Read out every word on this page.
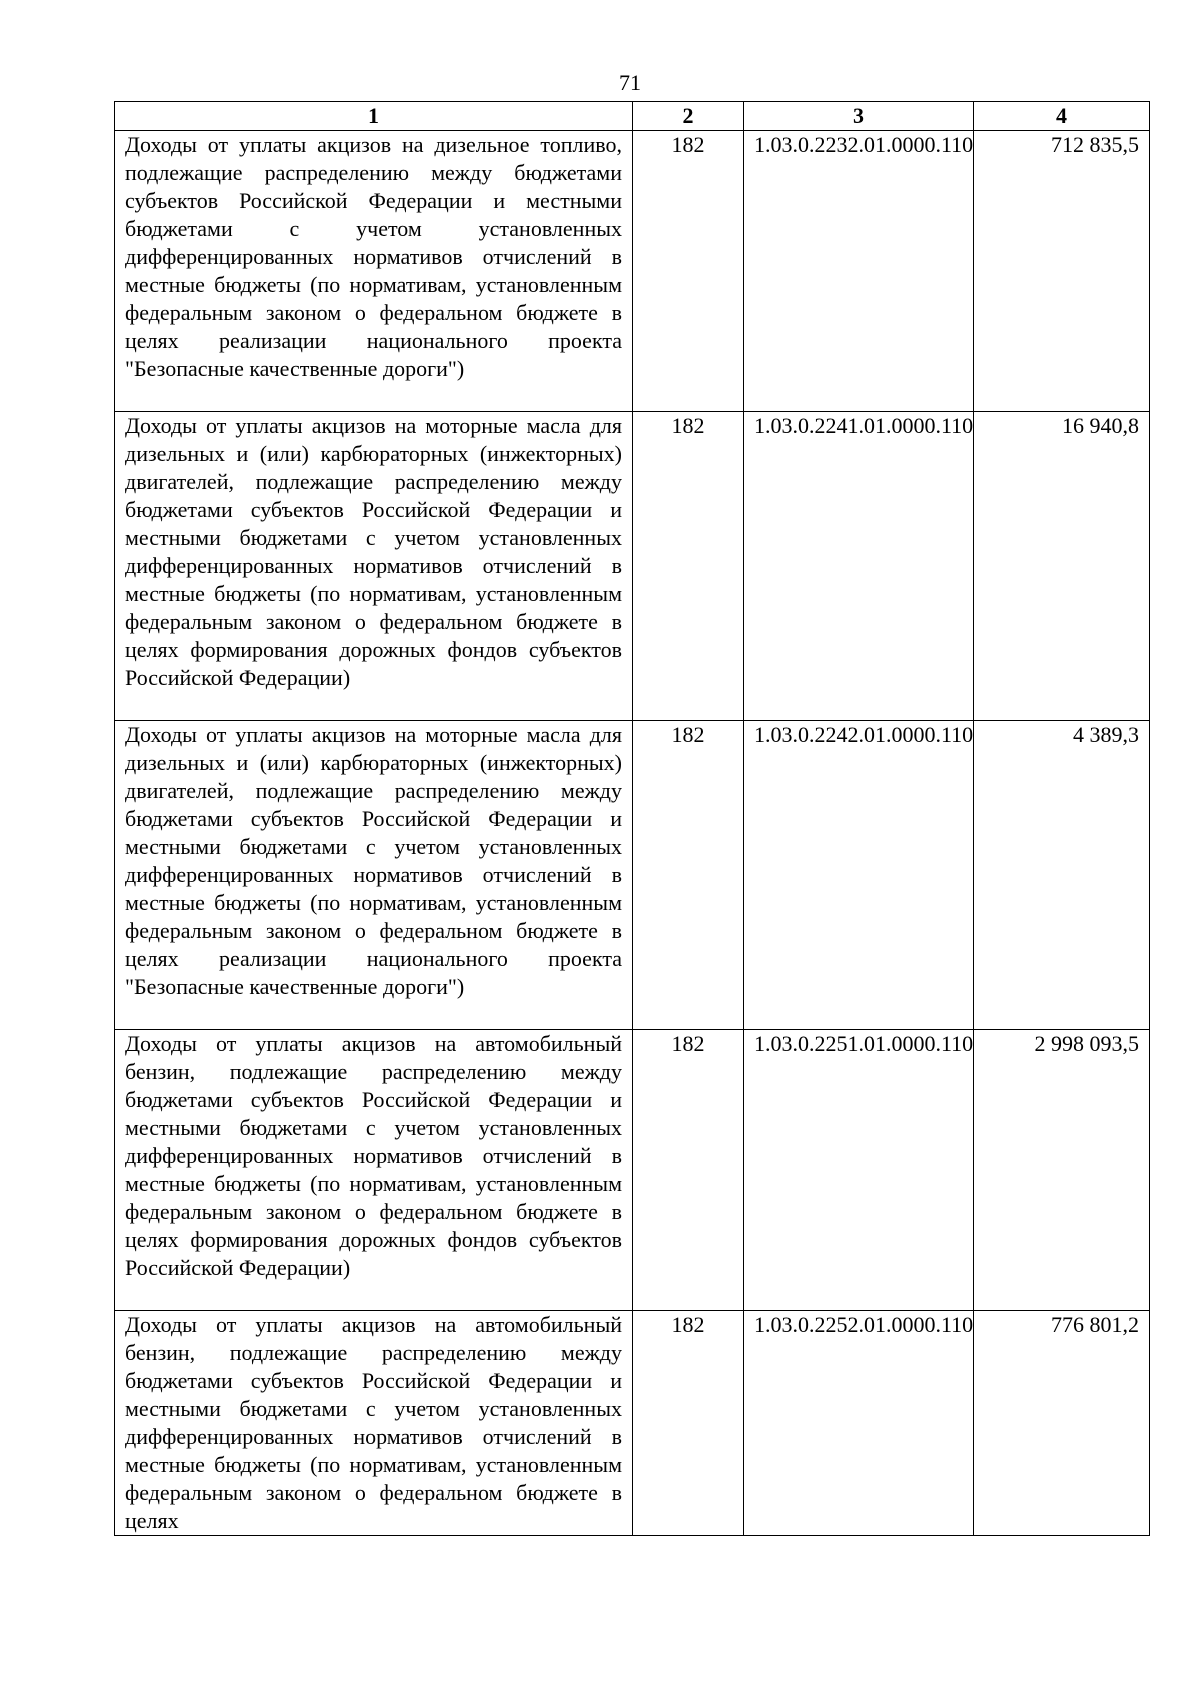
71
1	2	3	4
Доходы от уплаты акцизов на дизельное топливо, подлежащие распределению между бюджетами субъектов Российской Федерации и местными бюджетами с учетом установленных дифференцированных нормативов отчислений в местные бюджеты (по нормативам, установленным федеральным законом о федеральном бюджете в целях реализации национального проекта "Безопасные качественные дороги")	182	1.03.0.2232.01.0000.110	712 835,5
Доходы от уплаты акцизов на моторные масла для дизельных и (или) карбюраторных (инжекторных) двигателей, подлежащие распределению между бюджетами субъектов Российской Федерации и местными бюджетами с учетом установленных дифференцированных нормативов отчислений в местные бюджеты (по нормативам, установленным федеральным законом о федеральном бюджете в целях формирования дорожных фондов субъектов Российской Федерации)	182	1.03.0.2241.01.0000.110	16 940,8
Доходы от уплаты акцизов на моторные масла для дизельных и (или) карбюраторных (инжекторных) двигателей, подлежащие распределению между бюджетами субъектов Российской Федерации и местными бюджетами с учетом установленных дифференцированных нормативов отчислений в местные бюджеты (по нормативам, установленным федеральным законом о федеральном бюджете в целях реализации национального проекта "Безопасные качественные дороги")	182	1.03.0.2242.01.0000.110	4 389,3
Доходы от уплаты акцизов на автомобильный бензин, подлежащие распределению между бюджетами субъектов Российской Федерации и местными бюджетами с учетом установленных дифференцированных нормативов отчислений в местные бюджеты (по нормативам, установленным федеральным законом о федеральном бюджете в целях формирования дорожных фондов субъектов Российской Федерации)	182	1.03.0.2251.01.0000.110	2 998 093,5
Доходы от уплаты акцизов на автомобильный бензин, подлежащие распределению между бюджетами субъектов Российской Федерации и местными бюджетами с учетом установленных дифференцированных нормативов отчислений в местные бюджеты (по нормативам, установленным федеральным законом о федеральном бюджете в целях	182	1.03.0.2252.01.0000.110	776 801,2
